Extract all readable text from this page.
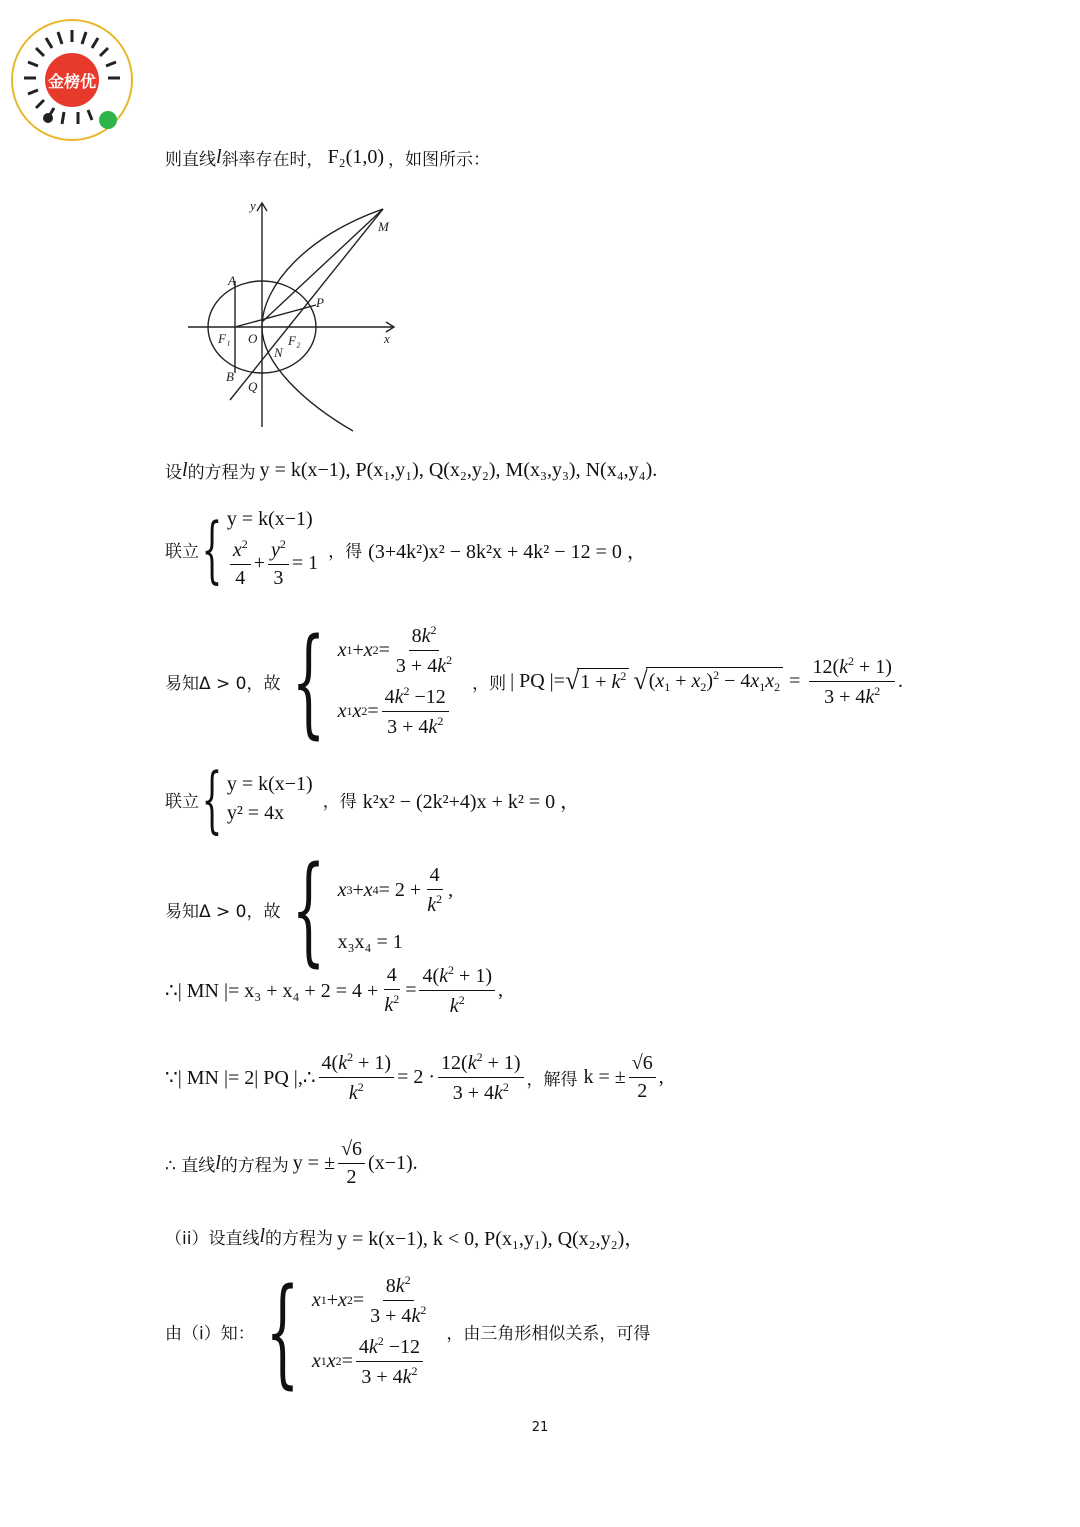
金榜优
则直线 l 斜率存在时， F₂(1,0) ，如图所示：
y
x
M
A
P
F₁ O F₂
N
B
Q
设 l 的方程为 y = k(x−1), P(x₁,y₁), Q(x₂,y₂), M(x₃,y₃), N(x₄,y₄).
联立 { y = k(x−1)
$\frac{x^2}{4} + \frac{y^2}{3} = 1$
，得 (3+4k²)x² − 8k²x + 4k² − 12 = 0 ，
易知Δ > 0，故 { x 1 + x $2 = \frac{8k^2}{3 + 4k^2}$
x 1 x $2 = \frac{4k^2 -12}{3 + 4k^2}$
，则 | PQ |= √ $1 + k^2$ √ $(x_1 + x_2)^2 - 4x_1x_2 = \frac{12(k^2 + 1)}{3 + 4k^2}$ .
联立 { y = k(x−1)
y² = 4x
，得 k²x² − (2k²+4)x + k² = 0 ，
易知Δ > 0，故 { x 3 + x $4 = 2 + \frac{4}{k^2}$ ,
x₃x₄ = 1
∴| MN |= $x_3 + x_4 + 2 = 4 + \frac{4}{k^2} = \frac{4(k^2 + 1)}{k^2}$ ,
∵| MN |= 2| PQ |,∴ $\frac{4(k^2 + 1)}{k^2} = 2 \cdot \frac{12(k^2 + 1)}{3 + 4k^2}$ ，解得 k = ± $\frac{√6}{2}$ ,
∴ 直线 l 的方程为 y = ± $\frac{√6}{2} (x-1)$.
（ii）设直线 l 的方程为 y = k(x−1), k < 0, P(x₁,y₁), Q(x₂,y₂)，
由（i）知： { x 1 + x $2 = \frac{8k^2}{3 + 4k^2}$
x 1 x $2 = \frac{4k^2 -12}{3 + 4k^2}$
，由三角形相似关系，可得
21
